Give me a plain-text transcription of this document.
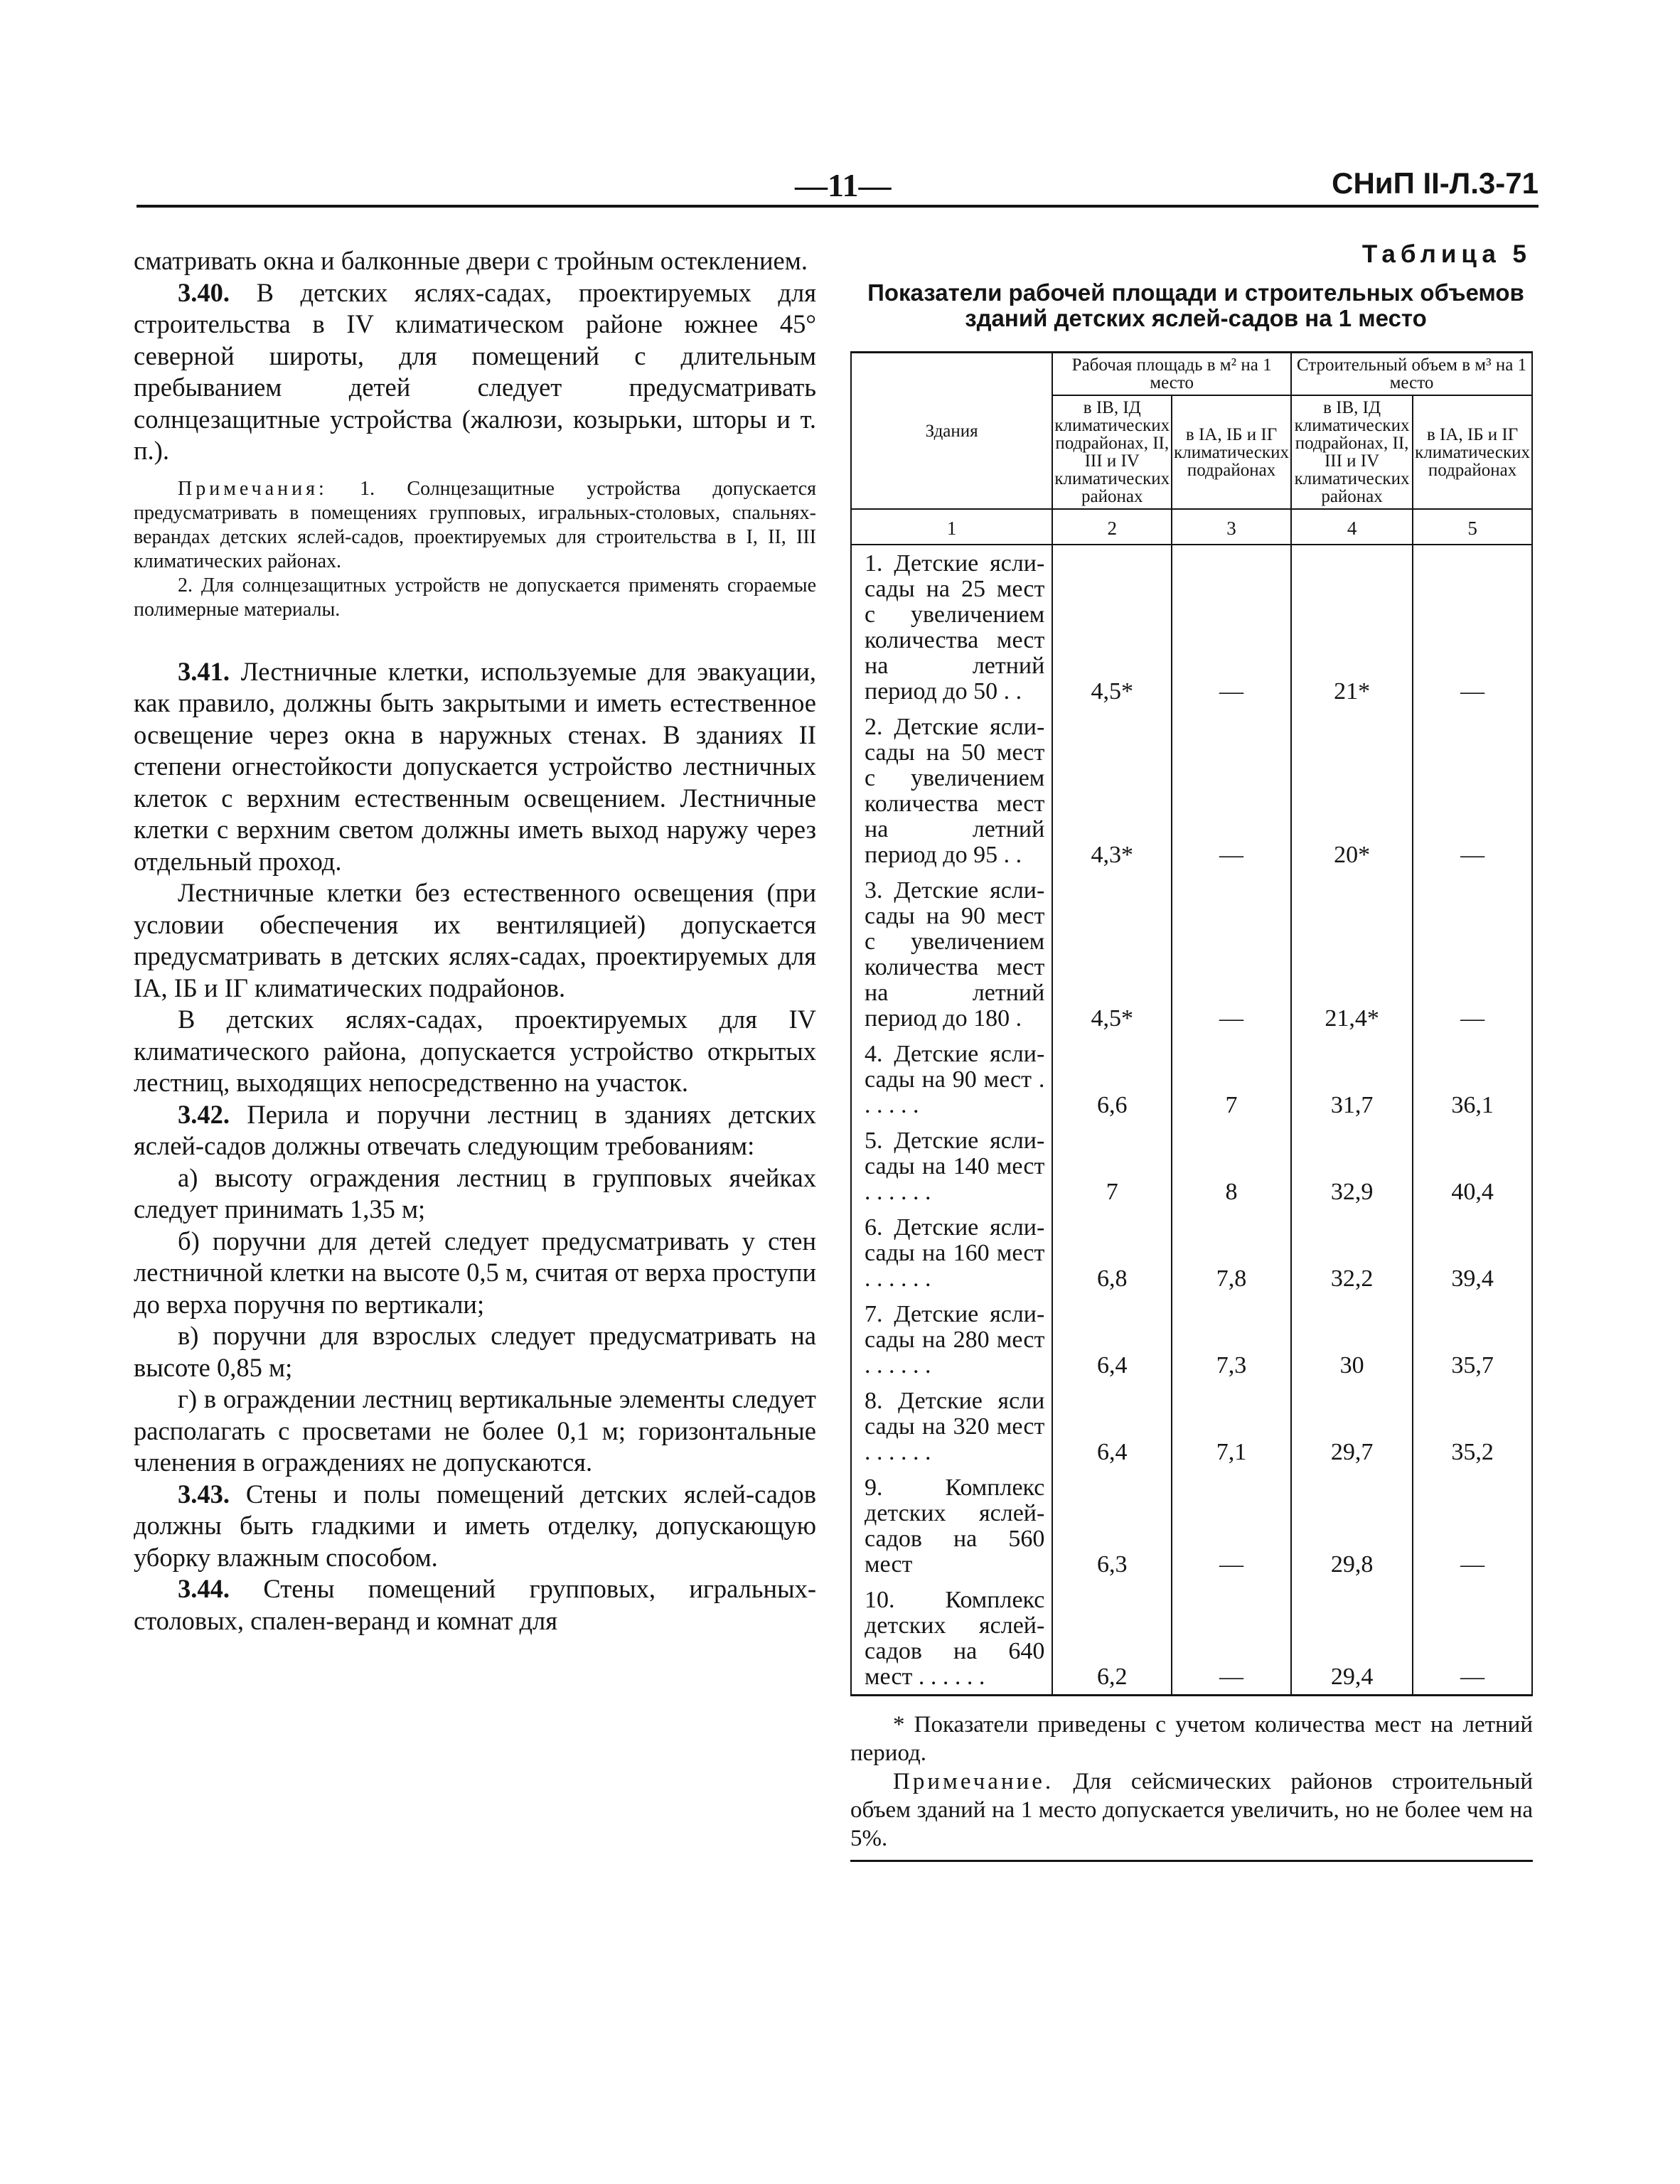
—11—	СНиП II-Л.3-71

сматривать окна и балконные двери с тройным остеклением.

3.40. В детских яслях-садах, проектируемых для строительства в IV климатическом районе южнее 45° северной широты, для помещений с длительным пребыванием детей следует предусматривать солнцезащитные устройства (жалюзи, козырьки, шторы и т. п.).

Примечания: 1. Солнцезащитные устройства допускается предусматривать в помещениях групповых, игральных-столовых, спальнях-верандах детских яслей-садов, проектируемых для строительства в I, II, III климатических районах.

2. Для солнцезащитных устройств не допускается применять сгораемые полимерные материалы.

3.41. Лестничные клетки, используемые для эвакуации, как правило, должны быть закрытыми и иметь естественное освещение через окна в наружных стенах. В зданиях II степени огнестойкости допускается устройство лестничных клеток с верхним естественным освещением. Лестничные клетки с верхним светом должны иметь выход наружу через отдельный проход.

Лестничные клетки без естественного освещения (при условии обеспечения их вентиляцией) допускается предусматривать в детских яслях-садах, проектируемых для IA, IБ и IГ климатических подрайонов.

В детских яслях-садах, проектируемых для IV климатического района, допускается устройство открытых лестниц, выходящих непосредственно на участок.

3.42. Перила и поручни лестниц в зданиях детских яслей-садов должны отвечать следующим требованиям:

а) высоту ограждения лестниц в групповых ячейках следует принимать 1,35 м;

б) поручни для детей следует предусматривать у стен лестничной клетки на высоте 0,5 м, считая от верха проступи до верха поручня по вертикали;

в) поручни для взрослых следует предусматривать на высоте 0,85 м;

г) в ограждении лестниц вертикальные элементы следует располагать с просветами не более 0,1 м; горизонтальные членения в ограждениях не допускаются.

3.43. Стены и полы помещений детских яслей-садов должны быть гладкими и иметь отделку, допускающую уборку влажным способом.

3.44. Стены помещений групповых, игральных-столовых, спален-веранд и комнат для

Таблица 5
Показатели рабочей площади и строительных объемов зданий детских яслей-садов на 1 место
Здания	Рабочая площадь в м² на 1 место		Строительный объем в м³ на 1 место	
	в IВ, IД климатических подрайонах, II, III и IV климатических районах	в IА, IБ и IГ климатических подрайонах	в IВ, IД климатических подрайонах, II, III и IV климатических районах	в IА, IБ и IГ климатических подрайонах
1	2	3	4	5
1. Детские ясли-сады на 25 мест с увеличением количества мест на летний период до 50 . .	4,5*	—	21*	—
2. Детские ясли-сады на 50 мест с увеличением количества мест на летний период до 95 . .	4,3*	—	20*	—
3. Детские ясли-сады на 90 мест с увеличением количества мест на летний период до 180 .	4,5*	—	21,4*	—
4. Детские ясли-сады на 90 мест . . . . . .	6,6	7	31,7	36,1
5. Детские ясли-сады на 140 мест . . . . . .	7	8	32,9	40,4
6. Детские ясли-сады на 160 мест . . . . . .	6,8	7,8	32,2	39,4
7. Детские ясли-сады на 280 мест . . . . . .	6,4	7,3	30	35,7
8. Детские ясли сады на 320 мест . . . . . .	6,4	7,1	29,7	35,2
9. Комплекс детских яслей-садов на 560 мест	6,3	—	29,8	—
10. Комплекс детских яслей-садов на 640 мест . . . . . .	6,2	—	29,4	—

* Показатели приведены с учетом количества мест на летний период.

Примечание. Для сейсмических районов строительный объем зданий на 1 место допускается увеличить, но не более чем на 5%.
